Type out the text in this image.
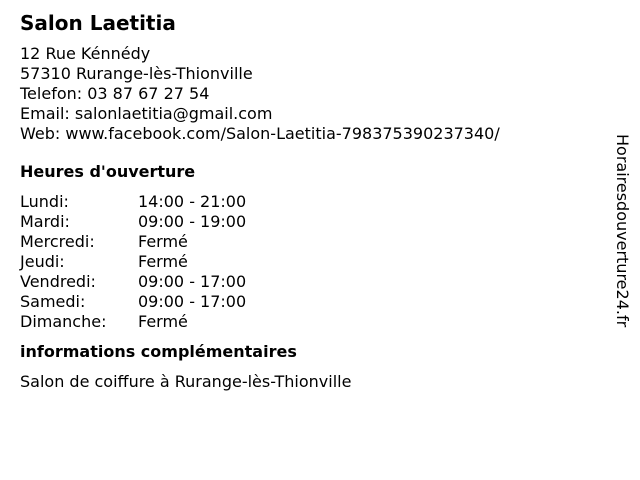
Salon Laetitia
12 Rue Kénnédy
57310 Rurange-lès-Thionville
Telefon: 03 87 67 27 54
Email: salonlaetitia@gmail.com
Web: www.facebook.com/Salon-Laetitia-798375390237340/
Heures d'ouverture
Lundi:	14:00 - 21:00
Mardi:	09:00 - 19:00
Mercredi:	Fermé
Jeudi:	Fermé
Vendredi:	09:00 - 17:00
Samedi:	09:00 - 17:00
Dimanche:	Fermé
informations complémentaires
Salon de coiffure à Rurange-lès-Thionville
Horairesdouverture24.fr
